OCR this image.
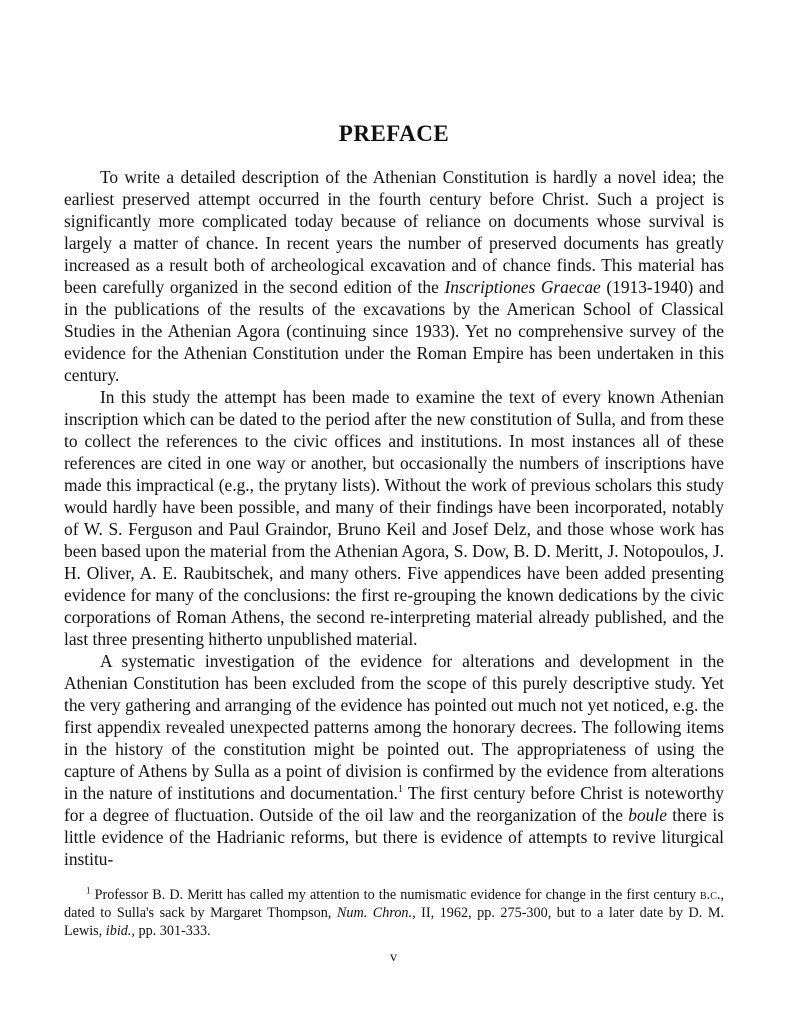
PREFACE

To write a detailed description of the Athenian Constitution is hardly a novel idea; the earliest preserved attempt occurred in the fourth century before Christ. Such a project is significantly more complicated today because of reliance on documents whose survival is largely a matter of chance. In recent years the number of preserved documents has greatly increased as a result both of archeological excavation and of chance finds. This material has been carefully organized in the second edition of the Inscriptiones Graecae (1913-1940) and in the publications of the results of the excavations by the American School of Classical Studies in the Athenian Agora (continuing since 1933). Yet no comprehensive survey of the evidence for the Athenian Constitution under the Roman Empire has been undertaken in this century.

In this study the attempt has been made to examine the text of every known Athenian inscription which can be dated to the period after the new constitution of Sulla, and from these to collect the references to the civic offices and institutions. In most instances all of these references are cited in one way or another, but occasionally the numbers of inscriptions have made this impractical (e.g., the prytany lists). Without the work of previous scholars this study would hardly have been possible, and many of their findings have been incorporated, notably of W. S. Ferguson and Paul Graindor, Bruno Keil and Josef Delz, and those whose work has been based upon the material from the Athenian Agora, S. Dow, B. D. Meritt, J. Notopoulos, J. H. Oliver, A. E. Raubitschek, and many others. Five appendices have been added presenting evidence for many of the conclusions: the first re-grouping the known dedications by the civic corporations of Roman Athens, the second re-interpreting material already published, and the last three presenting hitherto unpublished material.

A systematic investigation of the evidence for alterations and development in the Athenian Constitution has been excluded from the scope of this purely descriptive study. Yet the very gathering and arranging of the evidence has pointed out much not yet noticed, e.g. the first appendix revealed unexpected patterns among the honorary decrees. The following items in the history of the constitution might be pointed out. The appropriateness of using the capture of Athens by Sulla as a point of division is confirmed by the evidence from alterations in the nature of institutions and documentation.$^1$ The first century before Christ is noteworthy for a degree of fluctuation. Outside of the oil law and the reorganization of the boule there is little evidence of the Hadrianic reforms, but there is evidence of attempts to revive liturgical institu-

$^1$ Professor B. D. Meritt has called my attention to the numismatic evidence for change in the first century b.c., dated to Sulla's sack by Margaret Thompson, Num. Chron., II, 1962, pp. 275-300, but to a later date by D. M. Lewis, ibid., pp. 301-333.

v
